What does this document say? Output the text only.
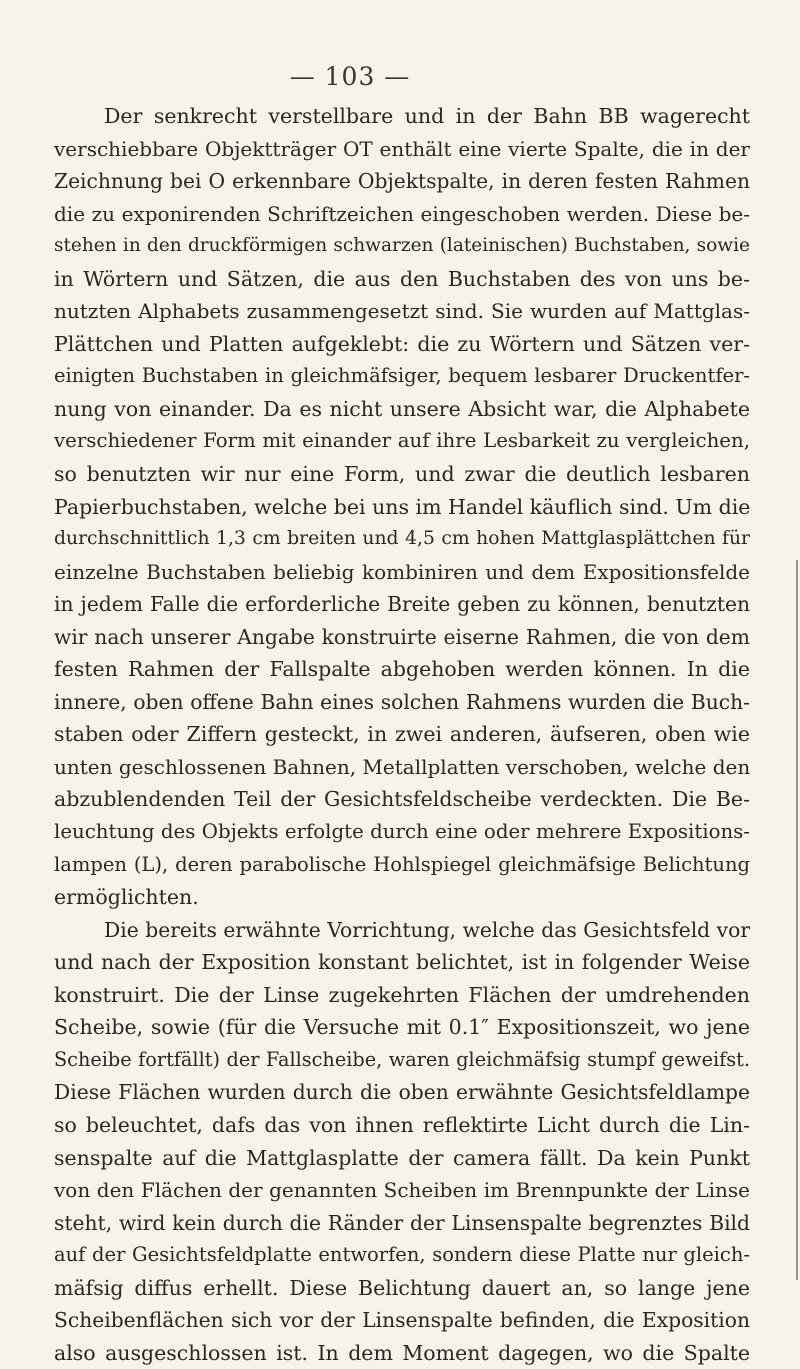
— 103 —
Der senkrecht verstellbare und in der Bahn BB wagerecht
verschiebbare Objektträger OT enthält eine vierte Spalte, die in der
Zeichnung bei O erkennbare Objektspalte, in deren festen Rahmen
die zu exponirenden Schriftzeichen eingeschoben werden. Diese be-
stehen in den druckförmigen schwarzen (lateinischen) Buchstaben, sowie
in Wörtern und Sätzen, die aus den Buchstaben des von uns be-
nutzten Alphabets zusammengesetzt sind. Sie wurden auf Mattglas-
Plättchen und Platten aufgeklebt: die zu Wörtern und Sätzen ver-
einigten Buchstaben in gleichmäfsiger, bequem lesbarer Druckentfer-
nung von einander. Da es nicht unsere Absicht war, die Alphabete
verschiedener Form mit einander auf ihre Lesbarkeit zu vergleichen,
so benutzten wir nur eine Form, und zwar die deutlich lesbaren
Papierbuchstaben, welche bei uns im Handel käuflich sind. Um die
durchschnittlich 1,3 cm breiten und 4,5 cm hohen Mattglasplättchen für
einzelne Buchstaben beliebig kombiniren und dem Expositionsfelde
in jedem Falle die erforderliche Breite geben zu können, benutzten
wir nach unserer Angabe konstruirte eiserne Rahmen, die von dem
festen Rahmen der Fallspalte abgehoben werden können. In die
innere, oben offene Bahn eines solchen Rahmens wurden die Buch-
staben oder Ziffern gesteckt, in zwei anderen, äufseren, oben wie
unten geschlossenen Bahnen, Metallplatten verschoben, welche den
abzublendenden Teil der Gesichtsfeldscheibe verdeckten. Die Be-
leuchtung des Objekts erfolgte durch eine oder mehrere Expositions-
lampen (L), deren parabolische Hohlspiegel gleichmäfsige Belichtung
ermöglichten.
Die bereits erwähnte Vorrichtung, welche das Gesichtsfeld vor
und nach der Exposition konstant belichtet, ist in folgender Weise
konstruirt. Die der Linse zugekehrten Flächen der umdrehenden
Scheibe, sowie (für die Versuche mit 0.1″ Expositionszeit, wo jene
Scheibe fortfällt) der Fallscheibe, waren gleichmäfsig stumpf geweifst.
Diese Flächen wurden durch die oben erwähnte Gesichtsfeldlampe
so beleuchtet, dafs das von ihnen reflektirte Licht durch die Lin-
senspalte auf die Mattglasplatte der camera fällt. Da kein Punkt
von den Flächen der genannten Scheiben im Brennpunkte der Linse
steht, wird kein durch die Ränder der Linsenspalte begrenztes Bild
auf der Gesichtsfeldplatte entworfen, sondern diese Platte nur gleich-
mäfsig diffus erhellt. Diese Belichtung dauert an, so lange jene
Scheibenflächen sich vor der Linsenspalte befinden, die Exposition
also ausgeschlossen ist. In dem Moment dagegen, wo die Spalte
